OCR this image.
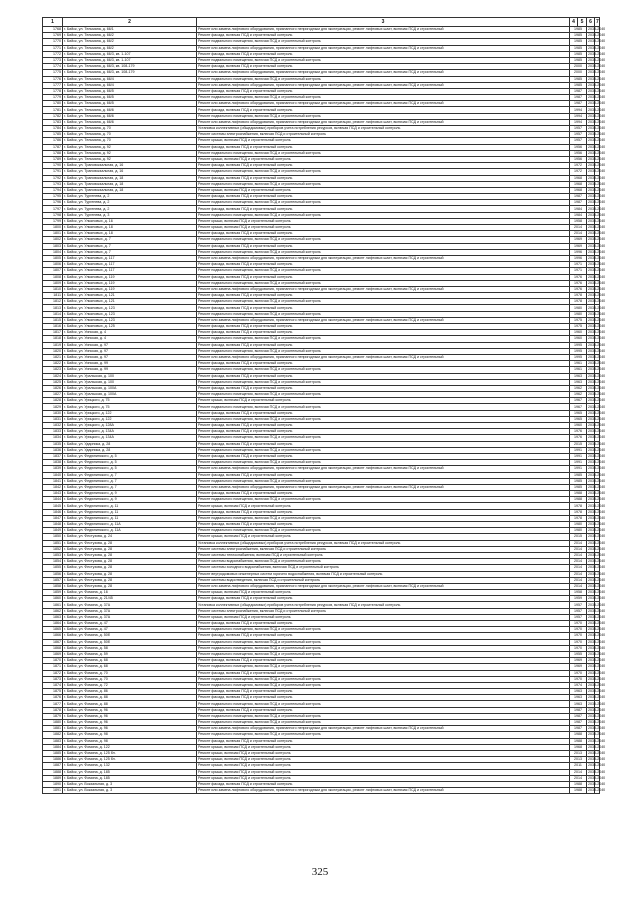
1	2	3	4	5	6	7
1768	г. Бийск, ул. Тельмана, д. 66/1	Ремонт или замена лифтового оборудования, признанного непригодным для эксплуатации, ремонт лифтовых шахт, включая ПСД и строительный	1985		2038-2040	
1769	г. Бийск, ул. Тельмана, д. 66/2	Ремонт фасада, включая ПСД и строительный контроль	1985		2038-2040	
1770	г. Бийск, ул. Тельмана, д. 66/2	Ремонт подвального помещения, включая ПСД и строительный контроль	1985		2038-2040	
1771	г. Бийск, ул. Тельмана, д. 66/2	Ремонт или замена лифтового оборудования, признанного непригодным для эксплуатации, ремонт лифтовых шахт, включая ПСД и строительный	1985		2038-2040	
1772	г. Бийск, ул. Тельмана, д. 66/3, кв. 1-107	Ремонт фасада, включая ПСД и строительный контроль	1985		2038-2040	
1773	г. Бийск, ул. Тельмана, д. 66/3, кв. 1-107	Ремонт подвального помещения, включая ПСД и строительный контроль	1985		2038-2040	
1774	г. Бийск, ул. Тельмана, д. 66/3, кв. 108-179	Ремонт фасада, включая ПСД и строительный контроль	2000		2038-2040	
1775	г. Бийск, ул. Тельмана, д. 66/3, кв. 108-179	Ремонт или замена лифтового оборудования, признанного непригодным для эксплуатации, ремонт лифтовых шахт, включая ПСД и строительный	2000		2038-2040	
1776	г. Бийск, ул. Тельмана, д. 66/4	Ремонт подвального помещения, включая ПСД и строительный контроль	1985		2038-2040	
1777	г. Бийск, ул. Тельмана, д. 66/4	Ремонт или замена лифтового оборудования, признанного непригодным для эксплуатации, ремонт лифтовых шахт, включая ПСД и строительный	1985		2038-2040	
1778	г. Бийск, ул. Тельмана, д. 66/5	Ремонт фасада, включая ПСД и строительный контроль	1987		2038-2040	
1779	г. Бийск, ул. Тельмана, д. 66/5	Ремонт подвального помещения, включая ПСД и строительный контроль	1987		2038-2040	
1780	г. Бийск, ул. Тельмана, д. 66/5	Ремонт или замена лифтового оборудования, признанного непригодным для эксплуатации, ремонт лифтовых шахт, включая ПСД и строительный	1987		2038-2040	
1781	г. Бийск, ул. Тельмана, д. 66/6	Ремонт фасада, включая ПСД и строительный контроль	1994		2038-2040	
1782	г. Бийск, ул. Тельмана, д. 66/6	Ремонт подвального помещения, включая ПСД и строительный контроль	1994		2038-2040	
1783	г. Бийск, ул. Тельмана, д. 66/6	Ремонт или замена лифтового оборудования, признанного непригодным для эксплуатации, ремонт лифтовых шахт, включая ПСД и строительный	1994		2038-2040	
1784	г. Бийск, ул. Тельмана, д. 70	Установка коллективных (общедомовых) приборов учета потребления ресурсов, включая ПСД и строительный контроль	1957		2038-2040	
1785	г. Бийск, ул. Тельмана, д. 70	Ремонт системы электроснабжения, включая ПСД и строительный контроль	1957		2038-2040	
1786	г. Бийск, ул. Тельмана, д. 70	Ремонт крыши, включая ПСД и строительный контроль	1957		2038-2040	
1787	г. Бийск, ул. Тельмана, д. 92	Ремонт фасада, включая ПСД и строительный контроль	1956		2038-2040	
1788	г. Бийск, ул. Тельмана, д. 92	Ремонт подвального помещения, включая ПСД и строительный контроль	1956		2038-2040	
1789	г. Бийск, ул. Тельмана, д. 92	Ремонт крыши, включая ПСД и строительный контроль	1956		2038-2040	
1790	г. Бийск, ул. Трансвокзальная, д. 16	Ремонт фасада, включая ПСД и строительный контроль	1972		2038-2040	
1791	г. Бийск, ул. Трансвокзальная, д. 16	Ремонт подвального помещения, включая ПСД и строительный контроль	1972		2038-2040	
1792	г. Бийск, ул. Трансвокзальная, д. 18	Ремонт фасада, включая ПСД и строительный контроль	1968		2038-2040	
1793	г. Бийск, ул. Трансвокзальная, д. 18	Ремонт подвального помещения, включая ПСД и строительный контроль	1968		2038-2040	
1794	г. Бийск, ул. Трансвокзальная, д. 18	Ремонт крыши, включая ПСД и строительный контроль	1968		2038-2040	
1795	г. Бийск, ул. Тургенева, д. 2	Ремонт фасада, включая ПСД и строительный контроль	1987		2038-2040	
1796	г. Бийск, ул. Тургенева, д. 2	Ремонт подвального помещения, включая ПСД и строительный контроль	1987		2038-2040	
1797	г. Бийск, ул. Тургенева, д. 2	Ремонт фасада, включая ПСД и строительный контроль	1984		2038-2040	
1798	г. Бийск, ул. Тургенева, д. 3	Ремонт подвального помещения, включая ПСД и строительный контроль	1984		2038-2040	
1799	г. Бийск, ул. Ульяновых, д. 16	Ремонт крыши, включая ПСД и строительный контроль	1958		2038-2040	
1800	г. Бийск, ул. Ульяновых, д. 18	Ремонт крыши, включая ПСД и строительный контроль	2014		2038-2040	
1801	г. Бийск, ул. Ульяновых, д. 18	Ремонт фасада, включая ПСД и строительный контроль	2014		2038-2040	
1802	г. Бийск, ул. Ульяновых, д. 7	Ремонт подвального помещения, включая ПСД и строительный контроль	1969		2038-2040	
1803	г. Бийск, ул. Ульяновых, д. 7	Ремонт фасада, включая ПСД и строительный контроль	1969		2038-2040	
1804	г. Бийск, ул. Ульяновых, д. 7	Ремонт подвального помещения, включая ПСД и строительный контроль	1996		2038-2040	
1805	г. Бийск, ул. Ульяновых, д. 117	Ремонт или замена лифтового оборудования, признанного непригодным для эксплуатации, ремонт лифтовых шахт, включая ПСД и строительный	1996		2038-2040	
1806	г. Бийск, ул. Ульяновых, д. 117	Ремонт фасада, включая ПСД и строительный контроль	1971		2038-2040	
1807	г. Бийск, ул. Ульяновых, д. 117	Ремонт подвального помещения, включая ПСД и строительный контроль	1971		2038-2040	
1808	г. Бийск, ул. Ульяновых, д. 119	Ремонт фасада, включая ПСД и строительный контроль	1976		2038-2040	
1809	г. Бийск, ул. Ульяновых, д. 119	Ремонт подвального помещения, включая ПСД и строительный контроль	1976		2038-2040	
1810	г. Бийск, ул. Ульяновых, д. 119	Ремонт или замена лифтового оборудования, признанного непригодным для эксплуатации, ремонт лифтовых шахт, включая ПСД и строительный	1976		2038-2040	
1811	г. Бийск, ул. Ульяновых, д. 121	Ремонт фасада, включая ПСД и строительный контроль	1978		2038-2040	
1812	г. Бийск, ул. Ульяновых, д. 121	Ремонт подвального помещения, включая ПСД и строительный контроль	1978		2038-2040	
1813	г. Бийск, ул. Ульяновых, д. 123	Ремонт фасада, включая ПСД и строительный контроль	1980		2038-2040	
1814	г. Бийск, ул. Ульяновых, д. 123	Ремонт подвального помещения, включая ПСД и строительный контроль	1980		2038-2040	
1815	г. Бийск, ул. Ульяновых, д. 123	Ремонт или замена лифтового оборудования, признанного непригодным для эксплуатации, ремонт лифтовых шахт, включая ПСД и строительный	1975		2038-2040	
1816	г. Бийск, ул. Ульяновых, д. 125	Ремонт фасада, включая ПСД и строительный контроль	1975		2038-2040	
1817	г. Бийск, ул. Уинская, д. 4	Ремонт фасада, включая ПСД и строительный контроль	1960		2038-2040	
1818	г. Бийск, ул. Уинская, д. 4	Ремонт подвального помещения, включая ПСД и строительный контроль	1960		2038-2040	
1819	г. Бийск, ул. Уинская, д. 97	Ремонт фасада, включая ПСД и строительный контроль	1995		2038-2040	
1820	г. Бийск, ул. Уинская, д. 97	Ремонт подвального помещения, включая ПСД и строительный контроль	1995		2038-2040	
1821	г. Бийск, ул. Уинская, д. 97	Ремонт или замена лифтового оборудования, признанного непригодным для эксплуатации, ремонт лифтовых шахт, включая ПСД и строительный	1995		2038-2040	
1822	г. Бийск, ул. Уинская, д. 99	Ремонт фасада, включая ПСД и строительный контроль	1961		2038-2040	
1823	г. Бийск, ул. Уинская, д. 99	Ремонт подвального помещения, включая ПСД и строительный контроль	1961		2038-2040	
1824	г. Бийск, ул. Уральская, д. 100	Ремонт фасада, включая ПСД и строительный контроль	1963		2038-2040	
1825	г. Бийск, ул. Уральская, д. 100	Ремонт подвального помещения, включая ПСД и строительный контроль	1963		2038-2040	
1826	г. Бийск, ул. Уральская, д. 100А	Ремонт фасада, включая ПСД и строительный контроль	1962		2038-2040	
1827	г. Бийск, ул. Уральская, д. 100А	Ремонт подвального помещения, включая ПСД и строительный контроль	1962		2038-2040	
1828	г. Бийск, ул. Урицкого, д. 75	Ремонт крыши, включая ПСД и строительный контроль	1967		2038-2040	
1829	г. Бийск, ул. Урицкого, д. 75	Ремонт подвального помещения, включая ПСД и строительный контроль	1967		2038-2040	
1830	г. Бийск, ул. Урицкого, д. 122	Ремонт фасада, включая ПСД и строительный контроль	1965		2038-2040	
1831	г. Бийск, ул. Урицкого, д. 122	Ремонт подвального помещения, включая ПСД и строительный контроль	1965		2038-2040	
1832	г. Бийск, ул. Урицкого, д. 128А	Ремонт фасада, включая ПСД и строительный контроль	1960		2038-2040	
1833	г. Бийск, ул. Урицкого, д. 134А	Ремонт фасада, включая ПСД и строительный контроль	1976		2038-2040	
1834	г. Бийск, ул. Урицкого, д. 134А	Ремонт подвального помещения, включая ПСД и строительный контроль	1976		2038-2040	
1835	г. Бийск, ул. Ударника, д. 28	Ремонт фасада, включая ПСД и строительный контроль	2015		2038-2040	
1836	г. Бийск, ул. Ударника, д. 28	Ремонт подвального помещения, включая ПСД и строительный контроль	1991		2038-2040	
1837	г. Бийск, ул. Федюнинского, д. 5	Ремонт фасада, включая ПСД и строительный контроль	1991		2038-2040	
1838	г. Бийск, ул. Федюнинского, д. 5	Ремонт подвального помещения, включая ПСД и строительный контроль	1991		2038-2040	
1839	г. Бийск, ул. Федюнинского, д. 5	Ремонт или замена лифтового оборудования, признанного непригодным для эксплуатации, ремонт лифтовых шахт, включая ПСД и строительный	1991		2038-2040	
1840	г. Бийск, ул. Федюнинского, д. 7	Ремонт фасада, включая ПСД и строительный контроль	1985		2038-2040	
1841	г. Бийск, ул. Федюнинского, д. 7	Ремонт подвального помещения, включая ПСД и строительный контроль	1985		2038-2040	
1842	г. Бийск, ул. Федюнинского, д. 7	Ремонт или замена лифтового оборудования, признанного непригодным для эксплуатации, ремонт лифтовых шахт, включая ПСД и строительный	1985		2038-2040	
1843	г. Бийск, ул. Федюнинского, д. 9	Ремонт фасада, включая ПСД и строительный контроль	1988		2038-2040	
1844	г. Бийск, ул. Федюнинского, д. 9	Ремонт подвального помещения, включая ПСД и строительный контроль	1988		2038-2040	
1845	г. Бийск, ул. Федюнинского, д. 11	Ремонт крыши, включая ПСД и строительный контроль	1978		2038-2040	
1846	г. Бийск, ул. Федюнинского, д. 11	Ремонт фасада, включая ПСД и строительный контроль	1978		2038-2040	
1847	г. Бийск, ул. Федюнинского, д. 11	Ремонт подвального помещения, включая ПСД и строительный контроль	1978		2038-2040	
1848	г. Бийск, ул. Федюнинского, д. 11А	Ремонт фасада, включая ПСД и строительный контроль	1980		2038-2040	
1849	г. Бийск, ул. Федюнинского, д. 11А	Ремонт подвального помещения, включая ПСД и строительный контроль	1980		2038-2040	
1850	г. Бийск, ул. Фестузова, д. 24	Ремонт крыши, включая ПСД и строительный контроль	2015		2038-2040	
1851	г. Бийск, ул. Фестузова, д. 28	Установка коллективных (общедомовых) приборов учета потребления ресурсов, включая ПСД и строительный контроль	2014		2038-2040	
1852	г. Бийск, ул. Фестузова, д. 28	Ремонт системы электроснабжения, включая ПСД и строительный контроль	2014		2038-2040	
1853	г. Бийск, ул. Фестузова, д. 28	Ремонт системы теплоснабжения, включая ПСД и строительный контроль	2014		2038-2040	
1854	г. Бийск, ул. Фестузова, д. 28	Ремонт системы водоснабжения, включая ПСД и строительный контроль	2014		2038-2040	
1855	г. Бийск, ул. Фестузова, д. 28	Ремонт системы холодного водоснабжения, включая ПСД и строительный контроль	2014		2038-2040	
1856	г. Бийск, ул. Фестузова, д. 28	Ремонт внутридомовых инженерных систем горячего водоснабжения, включая ПСД и строительный контроль	2014		2038-2040	
1857	г. Бийск, ул. Фестузова, д. 28	Ремонт системы водоотведения, включая ПСД и строительный контроль	2014		2038-2040	
1858	г. Бийск, ул. Фестузова, д. 28	Ремонт или замена лифтового оборудования, признанного непригодным для эксплуатации, ремонт лифтовых шахт, включая ПСД и строительный	2014		2038-2040	
1859	г. Бийск, ул. Фомина, д. 16	Ремонт крыши, включая ПСД и строительный контроль	1958		2038-2040	
1860	г. Бийск, ул. Фомина, д. 21/45	Ремонт фасада, включая ПСД и строительный контроль	1959		2038-2040	
1861	г. Бийск, ул. Фомина, д. 37А	Установка коллективных (общедомовых) приборов учета потребления ресурсов, включая ПСД и строительный контроль	1957		2038-2040	
1862	г. Бийск, ул. Фомина, д. 37А	Ремонт системы электроснабжения, включая ПСД и строительный контроль	1957		2038-2040	
1863	г. Бийск, ул. Фомина, д. 37А	Ремонт крыши, включая ПСД и строительный контроль	1957		2038-2040	
1864	г. Бийск, ул. Фомина, д. 47	Ремонт фасада, включая ПСД и строительный контроль	1970		2038-2040	
1865	г. Бийск, ул. Фомина, д. 47	Ремонт подвального помещения, включая ПСД и строительный контроль	1970		2038-2040	
1866	г. Бийск, ул. Фомина, д. 50б	Ремонт фасада, включая ПСД и строительный контроль	1970		2038-2040	
1867	г. Бийск, ул. Фомина, д. 50б	Ремонт подвального помещения, включая ПСД и строительный контроль	1970		2038-2040	
1868	г. Бийск, ул. Фомина, д. 58	Ремонт подвального помещения, включая ПСД и строительный контроль	1970		2038-2040	
1869	г. Бийск, ул. Фомина, д. 59	Ремонт подвального помещения, включая ПСД и строительный контроль	1955		2038-2040	
1870	г. Бийск, ул. Фомина, д. 68	Ремонт фасада, включая ПСД и строительный контроль	1969		2038-2040	
1871	г. Бийск, ул. Фомина, д. 68	Ремонт подвального помещения, включая ПСД и строительный контроль	1969		2038-2040	
1872	г. Бийск, ул. Фомина, д. 70	Ремонт фасада, включая ПСД и строительный контроль	1970		2038-2040	
1873	г. Бийск, ул. Фомина, д. 70	Ремонт подвального помещения, включая ПСД и строительный контроль	1970		2038-2040	
1874	г. Бийск, ул. Фомина, д. 72	Ремонт подвального помещения, включая ПСД и строительный контроль	1974		2038-2040	
1875	г. Бийск, ул. Фомина, д. 86	Ремонт фасада, включая ПСД и строительный контроль	1963		2038-2040	
1876	г. Бийск, ул. Фомина, д. 88	Ремонт фасада, включая ПСД и строительный контроль	1963		2038-2040	
1877	г. Бийск, ул. Фомина, д. 88	Ремонт подвального помещения, включая ПСД и строительный контроль	1963		2038-2040	
1878	г. Бийск, ул. Фомина, д. 96	Ремонт фасада, включая ПСД и строительный контроль	1987		2038-2040	
1879	г. Бийск, ул. Фомина, д. 96	Ремонт подвального помещения, включая ПСД и строительный контроль	1987		2038-2040	
1880	г. Бийск, ул. Фомина, д. 96	Ремонт подвального помещения, включая ПСД и строительный контроль	1987		2038-2040	
1881	г. Бийск, ул. Фомина, д. 96	Ремонт или замена лифтового оборудования, признанного непригодным для эксплуатации, ремонт лифтовых шахт, включая ПСД и строительный	1987		2038-2040	
1882	г. Бийск, ул. Фомина, д. 98	Ремонт подвального помещения, включая ПСД и строительный контроль	1988		2038-2040	
1883	г. Бийск, ул. Фомина, д. 98	Ремонт фасада, включая ПСД и строительный контроль	1988		2038-2040	
1884	г. Бийск, ул. Фомина, д. 122	Ремонт крыши, включая ПСД и строительный контроль	1968		2038-2040	
1885	г. Бийск, ул. Фомина, д. 125 бл.	Ремонт крыши, включая ПСД и строительный контроль	2013		2038-2040	
1886	г. Бийск, ул. Фомина, д. 125 бл.	Ремонт крыши, включая ПСД и строительный контроль	2013		2038-2040	
1887	г. Бийск, ул. Фомина, д. 132	Ремонт крыши, включая ПСД и строительный контроль	2011		2038-2040	
1888	г. Бийск, ул. Фомина, д. 185	Ремонт крыши, включая ПСД и строительный контроль	2014		2038-2040	
1889	г. Бийск, ул. Фомина, д. 185	Ремонт крыши, включая ПСД и строительный контроль	2014		2038-2040	
1890	г. Бийск, ул. Вокзальная, д. 3	Ремонт фасада, включая ПСД и строительный контроль	1988		2038-2040	
1891	г. Бийск, ул. Вокзальная, д. 3	Ремонт или замена лифтового оборудования, признанного непригодным для эксплуатации, ремонт лифтовых шахт, включая ПСД и строительный	1988		2038-2040	
325
